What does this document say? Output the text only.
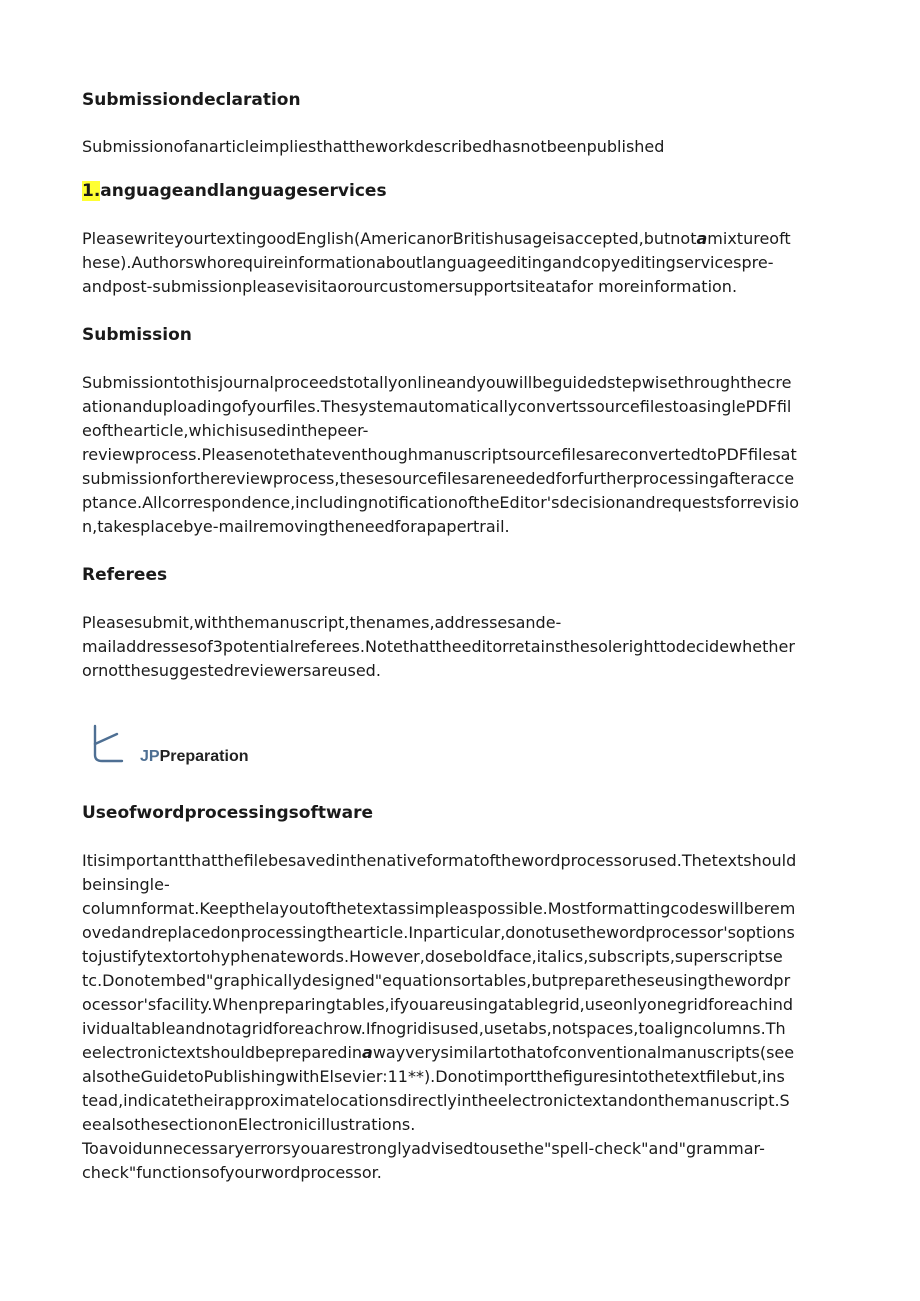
Submissiondeclaration

Submissionofanarticleimpliesthattheworkdescribedhasnotbeenpublished

1.anguageandlanguageservices

PleasewriteyourtextingoodEnglish(AmericanorBritishusageisaccepted,butnotamixtureoft
hese).Authorswhorequireinformationaboutlanguageeditingandcopyeditingservicespre-
andpost-submissionpleasevisitaorourcustomersupportsiteatafor moreinformation.

Submission

Submissiontothisjournalproceedstotallyonlineandyouwillbeguidedstepwisethroughthecre
ationanduploadingofyourfiles.ThesystemautomaticallyconvertssourcefilestoasinglePDFfil
eofthearticle,whichisusedinthepeer-
reviewprocess.PleasenotethateventhoughmanuscriptsourcefilesareconvertedtoPDFfilesat
submissionforthereviewprocess,thesesourcefilesareneededforfurtherprocessingafteracce
ptance.Allcorrespondence,includingnotificationoftheEditor'sdecisionandrequestsforrevisio
n,takesplacebye-mailremovingtheneedforapapertrail.

Referees

Pleasesubmit,withthemanuscript,thenames,addressesande-
mailaddressesof3potentialreferees.Notethattheeditorretainsthesolerighttodecidewhether
ornotthesuggestedreviewersareused.

JPPreparation
Useofwordprocessingsoftware

Itisimportantthatthefilebesavedinthenativeformatofthewordprocessorused.Thetextshould
beinsingle-
columnformat.Keepthelayoutofthetextassimpleaspossible.Mostformattingcodeswillberem
ovedandreplacedonprocessingthearticle.Inparticular,donotusethewordprocessor'soptions
tojustifytextortohyphenatewords.However,doseboldface,italics,subscripts,superscriptse
tc.Donotembed"graphicallydesigned"equationsortables,butpreparetheseusingthewordpr
ocessor'sfacility.Whenpreparingtables,ifyouareusingatablegrid,useonlyonegridforeachind
ividualtableandnotagridforeachrow.Ifnogridisused,usetabs,notspaces,toaligncolumns.Th
eelectronictextshouldbepreparedinawayverysimilartothatofconventionalmanuscripts(see
alsotheGuidetoPublishingwithElsevier:11**).Donotimportthefiguresintothetextfilebut,ins
tead,indicatetheirapproximatelocationsdirectlyintheelectronictextandonthemanuscript.S
eealsothesectiononElectronicillustrations.
Toavoidunnecessaryerrorsyouarestronglyadvisedtousethe"spell-check"and"grammar-
check"functionsofyourwordprocessor.
